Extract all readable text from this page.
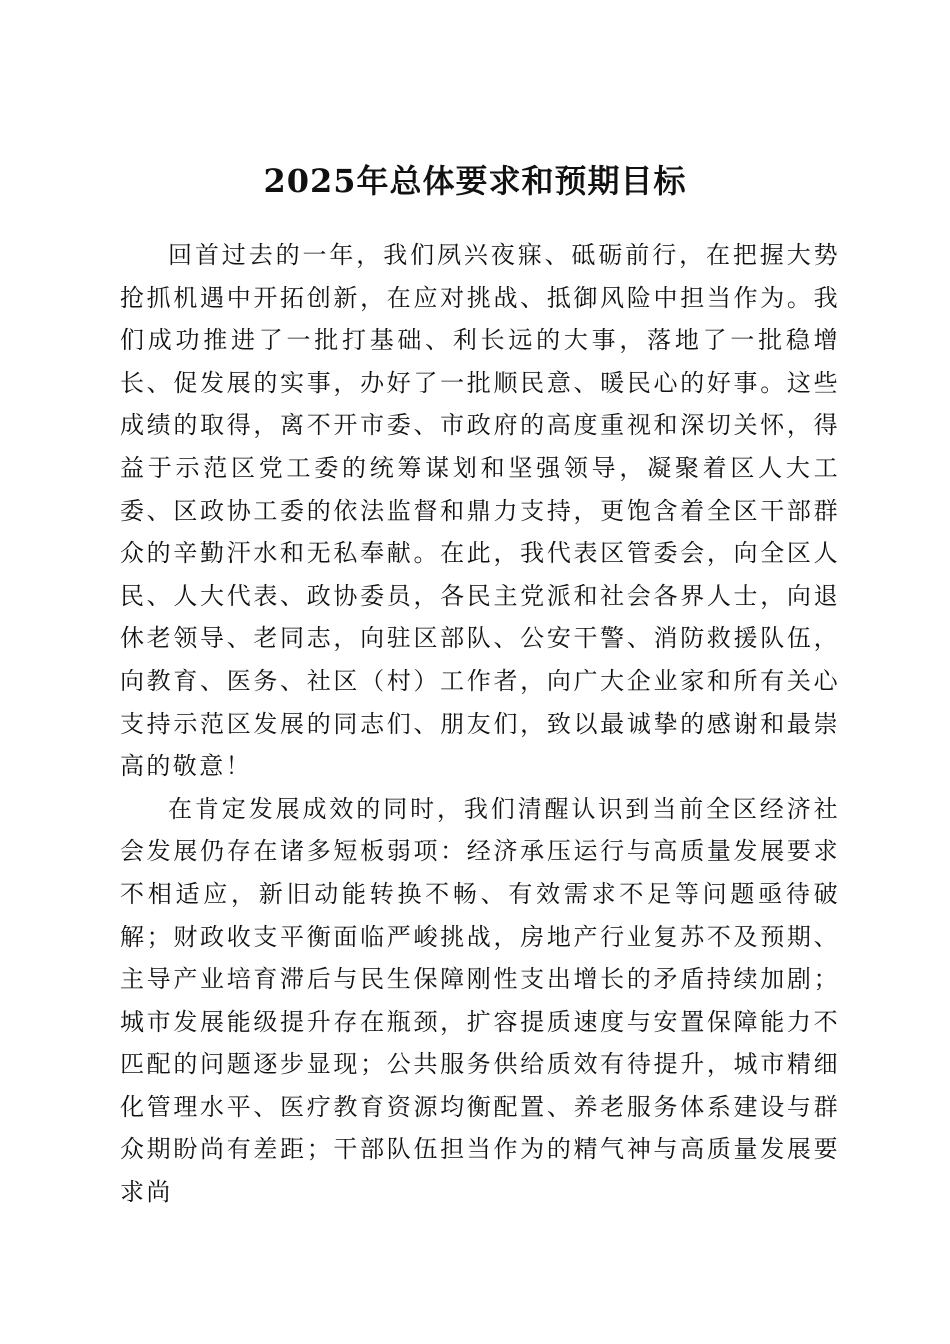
2025年总体要求和预期目标

回首过去的一年，我们夙兴夜寐、砥砺前行，在把握大势抢抓机遇中开拓创新，在应对挑战、抵御风险中担当作为。我们成功推进了一批打基础、利长远的大事，落地了一批稳增长、促发展的实事，办好了一批顺民意、暖民心的好事。这些成绩的取得，离不开市委、市政府的高度重视和深切关怀，得益于示范区党工委的统筹谋划和坚强领导，凝聚着区人大工委、区政协工委的依法监督和鼎力支持，更饱含着全区干部群众的辛勤汗水和无私奉献。在此，我代表区管委会，向全区人民、人大代表、政协委员，各民主党派和社会各界人士，向退休老领导、老同志，向驻区部队、公安干警、消防救援队伍，向教育、医务、社区（村）工作者，向广大企业家和所有关心支持示范区发展的同志们、朋友们，致以最诚挚的感谢和最崇高的敬意！

在肯定发展成效的同时，我们清醒认识到当前全区经济社会发展仍存在诸多短板弱项：经济承压运行与高质量发展要求不相适应，新旧动能转换不畅、有效需求不足等问题亟待破解；财政收支平衡面临严峻挑战，房地产行业复苏不及预期、主导产业培育滞后与民生保障刚性支出增长的矛盾持续加剧；城市发展能级提升存在瓶颈，扩容提质速度与安置保障能力不匹配的问题逐步显现；公共服务供给质效有待提升，城市精细化管理水平、医疗教育资源均衡配置、养老服务体系建设与群众期盼尚有差距；干部队伍担当作为的精气神与高质量发展要求尚
